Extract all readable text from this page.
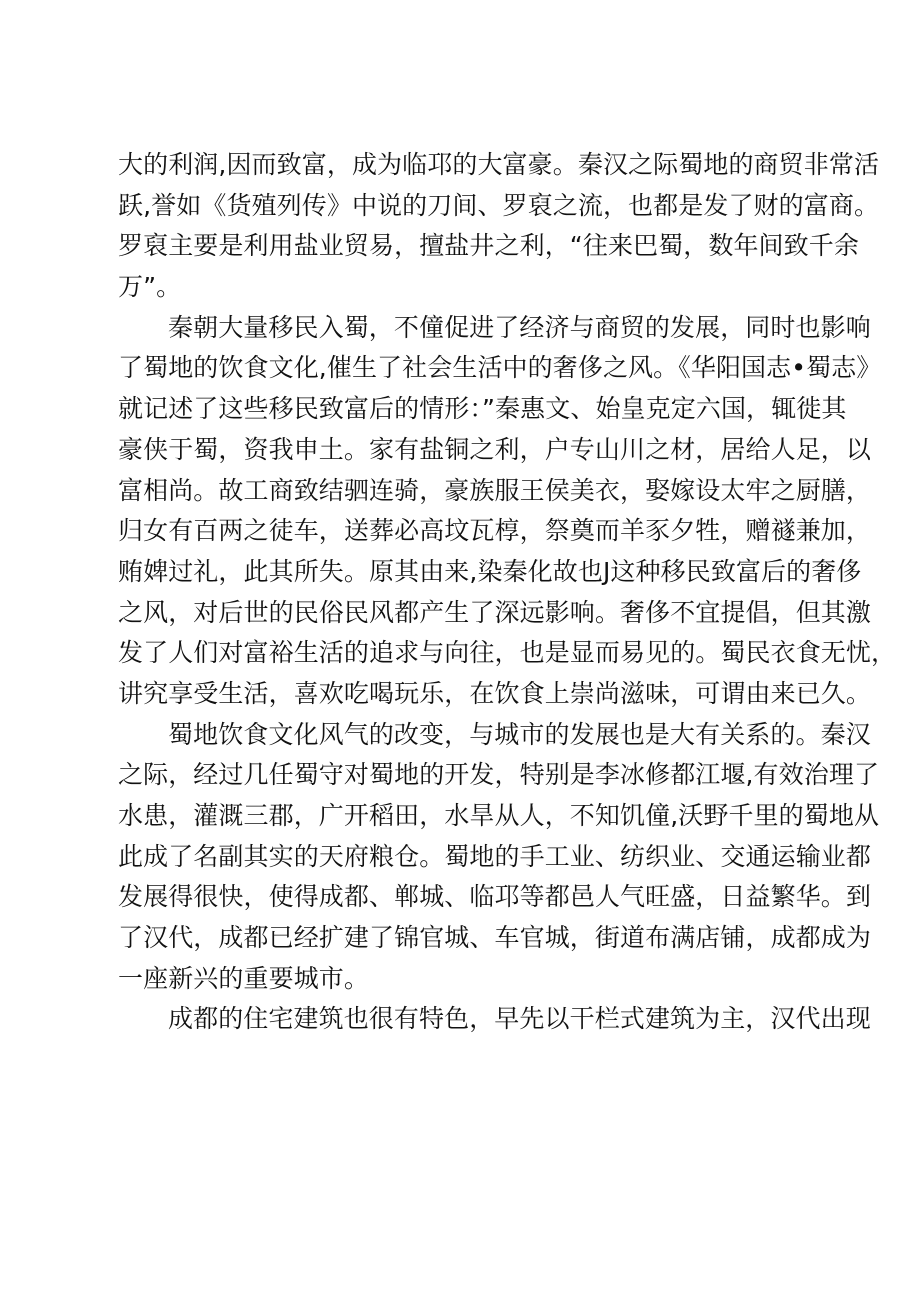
大的利润,因而致富，成为临邛的大富豪。秦汉之际蜀地的商贸非常活
跃,誉如《货殖列传》中说的刀间、罗裒之流，也都是发了财的富商。
罗裒主要是利用盐业贸易，擅盐井之利，“往来巴蜀，数年间致千余
万”。
秦朝大量移民入蜀，不僮促进了经济与商贸的发展，同时也影响
了蜀地的饮食文化,催生了社会生活中的奢侈之风。《华阳国志•蜀志》
就记述了这些移民致富后的情形：”秦惠文、始皇克定六国，辄徙其
豪侠于蜀，资我申土。家有盐铜之利，户专山川之材，居给人足，以
富相尚。故工商致结驷连骑，豪族服王侯美衣，娶嫁设太牢之厨膳，
归女有百两之徒车，送葬必高坟瓦椁，祭奠而羊豕夕牲，赠禭兼加，
贿婢过礼，此其所失。原其由来,染秦化故也J这种移民致富后的奢侈
之风，对后世的民俗民风都产生了深远影响。奢侈不宜提倡，但其激
发了人们对富裕生活的追求与向往，也是显而易见的。蜀民衣食无忧，
讲究享受生活，喜欢吃喝玩乐，在饮食上崇尚滋味，可谓由来已久。
蜀地饮食文化风气的改变，与城市的发展也是大有关系的。秦汉
之际，经过几任蜀守对蜀地的开发，特别是李冰修都江堰,有效治理了
水患，灌溉三郡，广开稻田，水旱从人，不知饥僮,沃野千里的蜀地从
此成了名副其实的天府粮仓。蜀地的手工业、纺织业、交通运输业都
发展得很快，使得成都、郸城、临邛等都邑人气旺盛，日益繁华。到
了汉代，成都已经扩建了锦官城、车官城，街道布满店铺，成都成为
一座新兴的重要城市。
成都的住宅建筑也很有特色，早先以干栏式建筑为主，汉代出现
